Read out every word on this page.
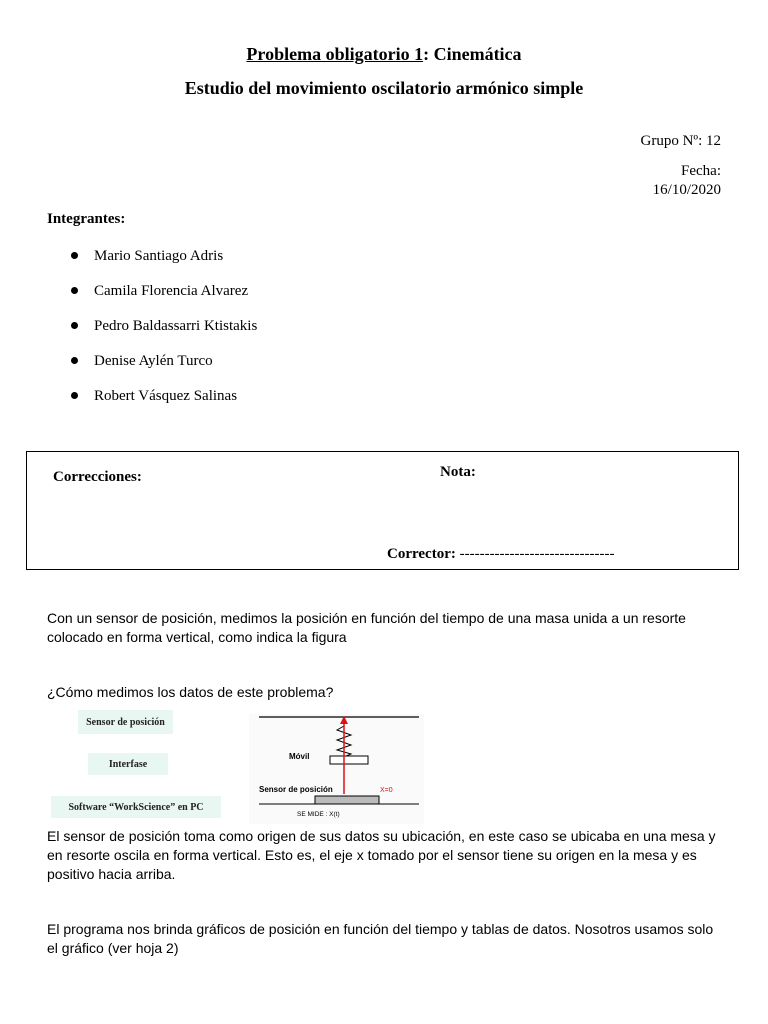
Problema obligatorio 1: Cinemática
Estudio del movimiento oscilatorio armónico simple
Grupo Nº: 12
Fecha:
16/10/2020
Integrantes:
Mario Santiago Adris
Camila Florencia Alvarez
Pedro Baldassarri Ktistakis
Denise Aylén Turco
Robert Vásquez Salinas
Correcciones:	Nota:
Corrector: -------------------------------
Con un sensor de posición, medimos la posición en función del tiempo de una masa unida a un resorte colocado en forma vertical, como indica la figura
¿Cómo medimos los datos de este problema?
Sensor de posición
Interfase
Software “WorkScience” en PC
Móvil
Sensor de posición	X=0
SE MIDE : X(t)
El sensor de posición toma como origen de sus datos su ubicación, en este caso se ubicaba en una mesa y en resorte oscila en forma vertical. Esto es, el eje x tomado por el sensor tiene su origen en la mesa y es positivo hacia arriba.
El programa nos brinda gráficos de posición en función del tiempo y tablas de datos. Nosotros usamos solo el gráfico (ver hoja 2)
